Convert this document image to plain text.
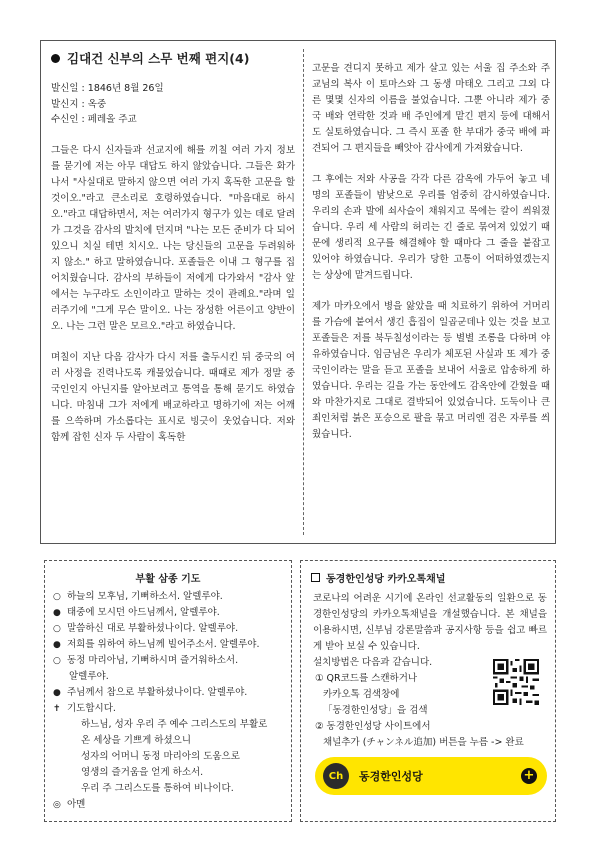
김대건 신부의 스무 번째 편지(4)
발신일 : 1846년 8월 26일
발신지 : 옥중
수신인 : 페레올 주교

그들은 다시 신자들과 선교지에 해를 끼칠 여러 가지 정보를 묻기에 저는 아무 대답도 하지 않았습니다. 그들은 화가 나서 "사실대로 말하지 않으면 여러 가지 혹독한 고문을 할 것이오."라고 큰소리로 호령하였습니다. "마음대로 하시오."라고 대답하면서, 저는 여러가지 형구가 있는 데로 달려가 그것을 감사의 발치에 던지며 "나는 모든 준비가 다 되어 있으니 치실 테면 치시오. 나는 당신들의 고문을 두려워하지 않소." 하고 말하였습니다. 포졸들은 이내 그 형구를 집어치웠습니다. 감사의 부하들이 저에게 다가와서 "감사 앞에서는 누구라도 소인이라고 말하는 것이 관례요."라며 일러주기에 "그게 무슨 말이오. 나는 장성한 어른이고 양반이오. 나는 그런 말은 모르오."라고 하였습니다.

며칠이 지난 다음 감사가 다시 저를 출두시킨 뒤 중국의 여러 사정을 진력나도록 캐물었습니다. 때때로 제가 정말 중국인인지 아닌지를 알아보려고 통역을 통해 묻기도 하였습니다. 마침내 그가 저에게 배교하라고 명하기에 저는 어깨를 으쓱하며 가소롭다는 표시로 빙긋이 웃었습니다. 저와 함께 잡힌 신자 두 사람이 혹독한

고문을 견디지 못하고 제가 살고 있는 서울 집 주소와 주교님의 복사 이 토마스와 그 동생 마태오 그리고 그외 다른 몇몇 신자의 이름을 불었습니다. 그뿐 아니라 제가 중국 배와 연락한 것과 배 주인에게 맡긴 편지 등에 대해서도 실토하였습니다. 그 즉시 포졸 한 부대가 중국 배에 파견되어 그 편지들을 빼앗아 감사에게 가져왔습니다.

그 후에는 저와 사공을 각각 다른 감옥에 가두어 놓고 네 명의 포졸들이 밤낮으로 우리를 엄중히 감시하였습니다. 우리의 손과 발에 쇠사슬이 채워지고 목에는 칼이 씌워졌습니다. 우리 세 사람의 허리는 긴 줄로 묶여져 있었기 때문에 생리적 요구를 해결해야 할 때마다 그 줄을 붙잡고 있어야 하였습니다. 우리가 당한 고통이 어떠하였겠는지는 상상에 맡겨드립니다.

제가 마카오에서 병을 앓았을 때 치료하기 위하여 거머리를 가슴에 붙여서 생긴 흡집이 일곱군데나 있는 것을 보고 포졸들은 저를 북두칠성이라는 등 별별 조롱을 다하며 야유하였습니다. 임금님은 우리가 체포된 사실과 또 제가 중국인이라는 말을 듣고 포졸을 보내어 서울로 압송하게 하였습니다. 우리는 길을 가는 동안에도 감옥안에 갇혔을 때와 마찬가지로 그대로 결박되어 있었습니다. 도둑이나 큰 죄인처럼 붉은 포승으로 팔을 묶고 머리엔 검은 자루를 씌웠습니다.

부활 삼종 기도
○ 하늘의 모후님, 기뻐하소서. 알렐루야.
● 태중에 모시던 아드님께서, 알렐루야.
○ 말씀하신 대로 부활하셨나이다. 알렐루야.
● 저희를 위하여 하느님께 빌어주소서. 알렐루야.
○ 동정 마리아님, 기뻐하시며 즐거워하소서.
알렐루야.
● 주님께서 참으로 부활하셨나이다. 알렐루야.
✝ 기도합시다.
하느님, 성자 우리 주 예수 그리스도의 부활로
온 세상을 기쁘게 하셨으니
성자의 어머니 동정 마리아의 도움으로
영생의 즐거움을 얻게 하소서.
우리 주 그리스도를 통하여 비나이다.
◎ 아멘
동경한인성당 카카오톡채널
코로나의 어려운 시기에 온라인 선교활동의 일환으로 동경한인성당의 카카오톡채널을 개설했습니다. 본 채널을 이용하시면, 신부님 강론말씀과 공지사항 등을 쉽고 빠르게 받아 보실 수 있습니다.
설치방법은 다음과 같습니다.
① QR코드를 스캔하거나
카카오톡 검색창에
「동경한인성당」을 검색
② 동경한인성당 사이트에서
채널추가 (チャンネル追加) 버튼을 누름 -> 완료
Ch	동경한인성당	+
